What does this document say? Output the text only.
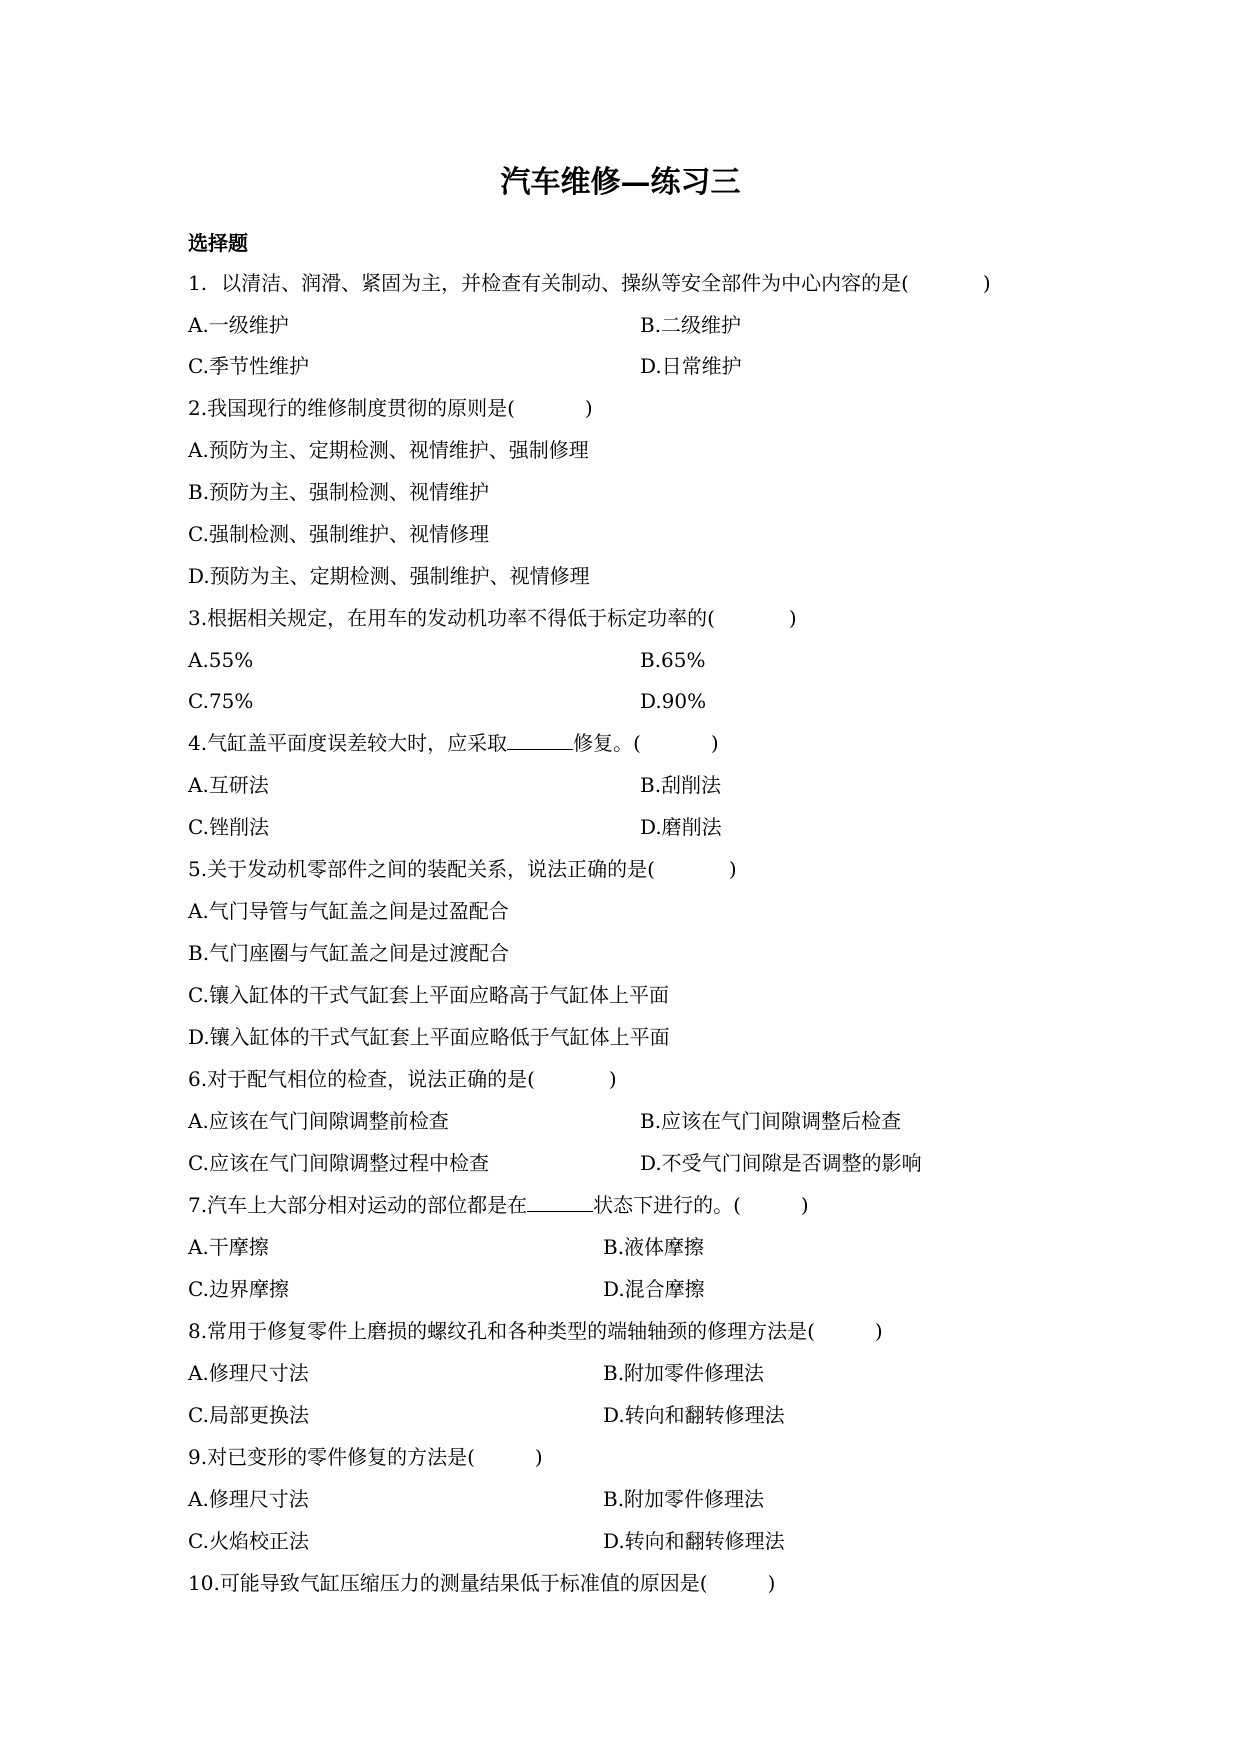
汽车维修—练习三
选择题
1. 以清洁、润滑、紧固为主，并检查有关制动、操纵等安全部件为中心内容的是(	)
A.一级维护	B.二级维护
C.季节性维护	D.日常维护
2.我国现行的维修制度贯彻的原则是(	)
A.预防为主、定期检测、视情维护、强制修理
B.预防为主、强制检测、视情维护
C.强制检测、强制维护、视情修理
D.预防为主、定期检测、强制维护、视情修理
3.根据相关规定，在用车的发动机功率不得低于标定功率的(	)
A.55%	B.65%
C.75%	D.90%
4.气缸盖平面度误差较大时，应采取	修复。(	)
A.互研法	B.刮削法
C.锉削法	D.磨削法
5.关于发动机零部件之间的装配关系，说法正确的是(	)
A.气门导管与气缸盖之间是过盈配合
B.气门座圈与气缸盖之间是过渡配合
C.镶入缸体的干式气缸套上平面应略高于气缸体上平面
D.镶入缸体的干式气缸套上平面应略低于气缸体上平面
6.对于配气相位的检查，说法正确的是(	)
A.应该在气门间隙调整前检查	B.应该在气门间隙调整后检查
C.应该在气门间隙调整过程中检查	D.不受气门间隙是否调整的影响
7.汽车上大部分相对运动的部位都是在	状态下进行的。(	)
A.干摩擦	B.液体摩擦
C.边界摩擦	D.混合摩擦
8.常用于修复零件上磨损的螺纹孔和各种类型的端轴轴颈的修理方法是(	)
A.修理尺寸法	B.附加零件修理法
C.局部更换法	D.转向和翻转修理法
9.对已变形的零件修复的方法是(	)
A.修理尺寸法	B.附加零件修理法
C.火焰校正法	D.转向和翻转修理法
10.可能导致气缸压缩压力的测量结果低于标准值的原因是(	)
